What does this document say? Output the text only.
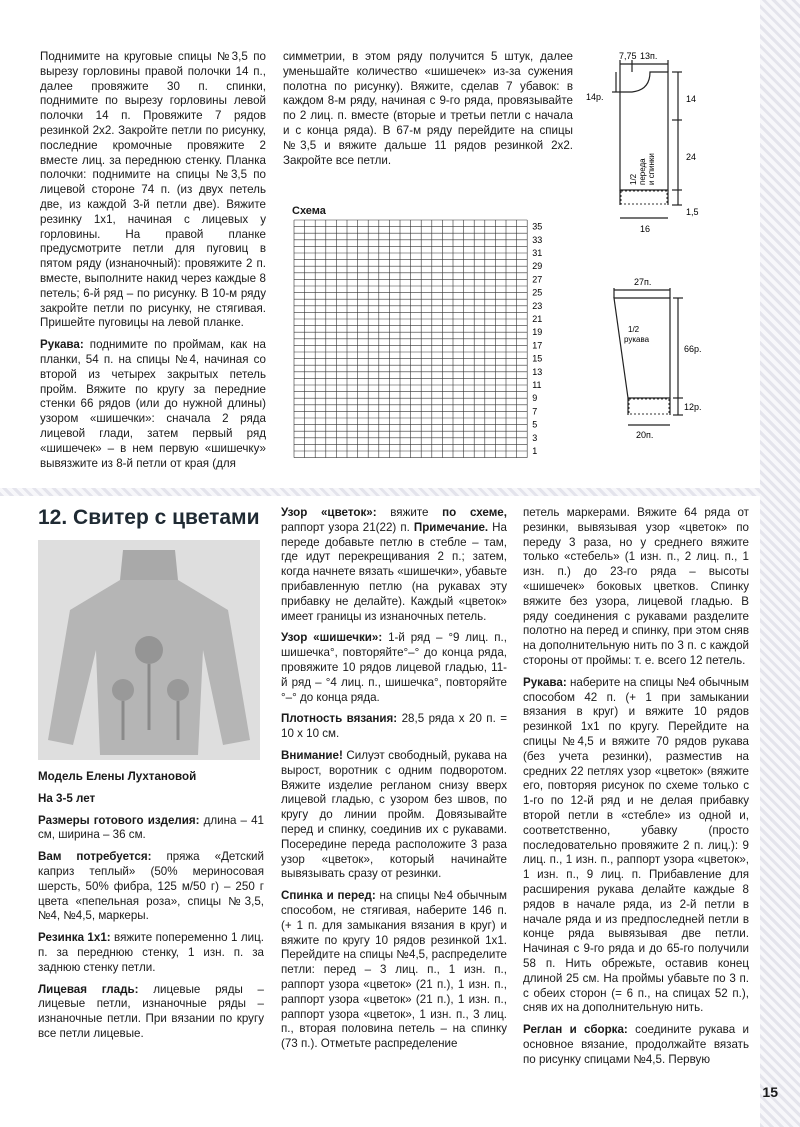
Поднимите на круговые спицы №3,5 по вырезу горловины правой полочки 14 п., далее провяжите 30 п. спинки, поднимите по вырезу горловины левой полочки 14 п. Провяжите 7 рядов резинкой 2х2. Закройте петли по рисунку, последние кромочные провяжите 2 вместе лиц. за переднюю стенку. Планка полочки: поднимите на спицы №3,5 по лицевой стороне 74 п. (из двух петель две, из каждой 3-й петли две). Вяжите резинку 1х1, начиная с лицевых у горловины. На правой планке предусмотрите петли для пуговиц в пятом ряду (изнаночный): провяжите 2 п. вместе, выполните накид через каждые 8 петель; 6-й ряд – по рисунку. В 10-м ряду закройте петли по рисунку, не стягивая. Пришейте пуговицы на левой планке.

Рукава: поднимите по проймам, как на планки, 54 п. на спицы №4, начиная со второй из четырех закрытых петель пройм. Вяжите по кругу за передние стенки 66 рядов (или до нужной длины) узором «шишечки»: сначала 2 ряда лицевой глади, затем первый ряд «шишечек» – в нем первую «шишечку» вывязжите из 8-й петли от края (для

симметрии, в этом ряду получится 5 штук, далее уменьшайте количество «шишечек» из-за сужения полотна по рисунку). Вяжите, сделав 7 убавок: в каждом 8-м ряду, начиная с 9-го ряда, провязывайте по 2 лиц. п. вместе (вторые и третьи петли с начала и с конца ряда). В 67-м ряду перейдите на спицы №3,5 и вяжите дальше 11 рядов резинкой 2х2. Закройте все петли.

Схема
35
33
31
29
27
25
23
21
19
17
15
13
11
9
7
5
3
1
7,75 13п.
14р.	14
24
1,5
16
1/2 переда и спинки
27п.
1/2
рукава
66р.
12р.
20п.
12. Свитер с цветами

Модель Елены Лухтановой

На 3-5 лет

Размеры готового изделия: длина – 41 см, ширина – 36 см.

Вам потребуется: пряжа «Детский каприз теплый» (50% мериносовая шерсть, 50% фибра, 125 м/50 г) – 250 г цвета «пепельная роза», спицы №3,5, №4, №4,5, маркеры.

Резинка 1х1: вяжите попеременно 1 лиц. п. за переднюю стенку, 1 изн. п. за заднюю стенку петли.

Лицевая гладь: лицевые ряды – лицевые петли, изнаночные ряды – изнаночные петли. При вязании по кругу все петли лицевые.

Узор «цветок»: вяжите по схеме, раппорт узора 21(22) п. Примечание. На переде добавьте петлю в стебле – там, где идут перекрещивания 2 п.; затем, когда начнете вязать «шишечки», убавьте прибавленную петлю (на рукавах эту прибавку не делайте). Каждый «цветок» имеет границы из изнаночных петель.

Узор «шишечки»: 1-й ряд – °9 лиц. п., шишечка°, повторяйте°–° до конца ряда, провяжите 10 рядов лицевой гладью, 11-й ряд – °4 лиц. п., шишечка°, повторяйте °–° до конца ряда.

Плотность вязания: 28,5 ряда х 20 п. = 10 х 10 см.

Внимание! Силуэт свободный, рукава на вырост, воротник с одним подворотом. Вяжите изделие регланом снизу вверх лицевой гладью, с узором без швов, по кругу до линии пройм. Довязывайте перед и спинку, соединив их с рукавами. Посередине переда расположите 3 раза узор «цветок», который начинайте вывязывать сразу от резинки.

Спинка и перед: на спицы №4 обычным способом, не стягивая, наберите 146 п. (+ 1 п. для замыкания вязания в круг) и вяжите по кругу 10 рядов резинкой 1х1. Перейдите на спицы №4,5, распределите петли: перед – 3 лиц. п., 1 изн. п., раппорт узора «цветок» (21 п.), 1 изн. п., раппорт узора «цветок» (21 п.), 1 изн. п., раппорт узора «цветок», 1 изн. п., 3 лиц. п., вторая половина петель – на спинку (73 п.). Отметьте распределение

петель маркерами. Вяжите 64 ряда от резинки, вывязывая узор «цветок» по переду 3 раза, но у среднего вяжите только «стебель» (1 изн. п., 2 лиц. п., 1 изн. п.) до 23-го ряда – высоты «шишечек» боковых цветков. Спинку вяжите без узора, лицевой гладью. В ряду соединения с рукавами разделите полотно на перед и спинку, при этом сняв на дополнительную нить по 3 п. с каждой стороны от проймы: т. е. всего 12 петель.

Рукава: наберите на спицы №4 обычным способом 42 п. (+ 1 при замыкании вязания в круг) и вяжите 10 рядов резинкой 1х1 по кругу. Перейдите на спицы №4,5 и вяжите 70 рядов рукава (без учета резинки), разместив на средних 22 петлях узор «цветок» (вяжите его, повторяя рисунок по схеме только с 1-го по 12-й ряд и не делая прибавку второй петли в «стебле» из одной и, соответственно, убавку (просто последовательно провяжите 2 п. лиц.): 9 лиц. п., 1 изн. п., раппорт узора «цветок», 1 изн. п., 9 лиц. п. Прибавление для расширения рукава делайте каждые 8 рядов в начале ряда, из 2-й петли в начале ряда и из предпоследней петли в конце ряда вывязывая две петли. Начиная с 9-го ряда и до 65-го получили 58 п. Нить обрежьте, оставив конец длиной 25 см. На проймы убавьте по 3 п. с обеих сторон (= 6 п., на спицах 52 п.), сняв их на дополнительную нить.

Реглан и сборка: соедините рукава и основное вязание, продолжайте вязать по рисунку спицами №4,5. Первую

15
